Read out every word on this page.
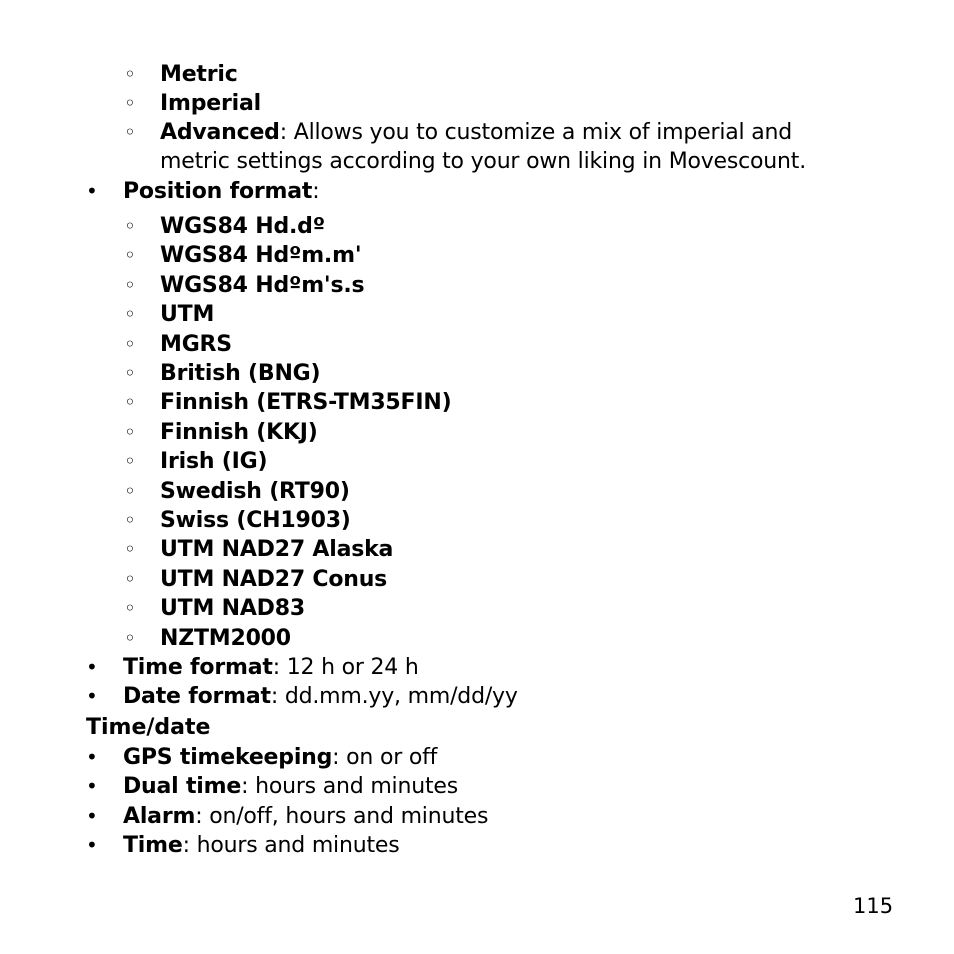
◦ Metric
◦ Imperial
◦ Advanced: Allows you to customize a mix of imperial and
metric settings according to your own liking in Movescount.
• Position format:
◦ WGS84 Hd.dº
◦ WGS84 Hdºm.m'
◦ WGS84 Hdºm's.s
◦ UTM
◦ MGRS
◦ British (BNG)
◦ Finnish (ETRS-TM35FIN)
◦ Finnish (KKJ)
◦ Irish (IG)
◦ Swedish (RT90)
◦ Swiss (CH1903)
◦ UTM NAD27 Alaska
◦ UTM NAD27 Conus
◦ UTM NAD83
◦ NZTM2000
• Time format: 12 h or 24 h
• Date format: dd.mm.yy, mm/dd/yy
Time/date
• GPS timekeeping: on or off
• Dual time: hours and minutes
• Alarm: on/off, hours and minutes
• Time: hours and minutes
115
